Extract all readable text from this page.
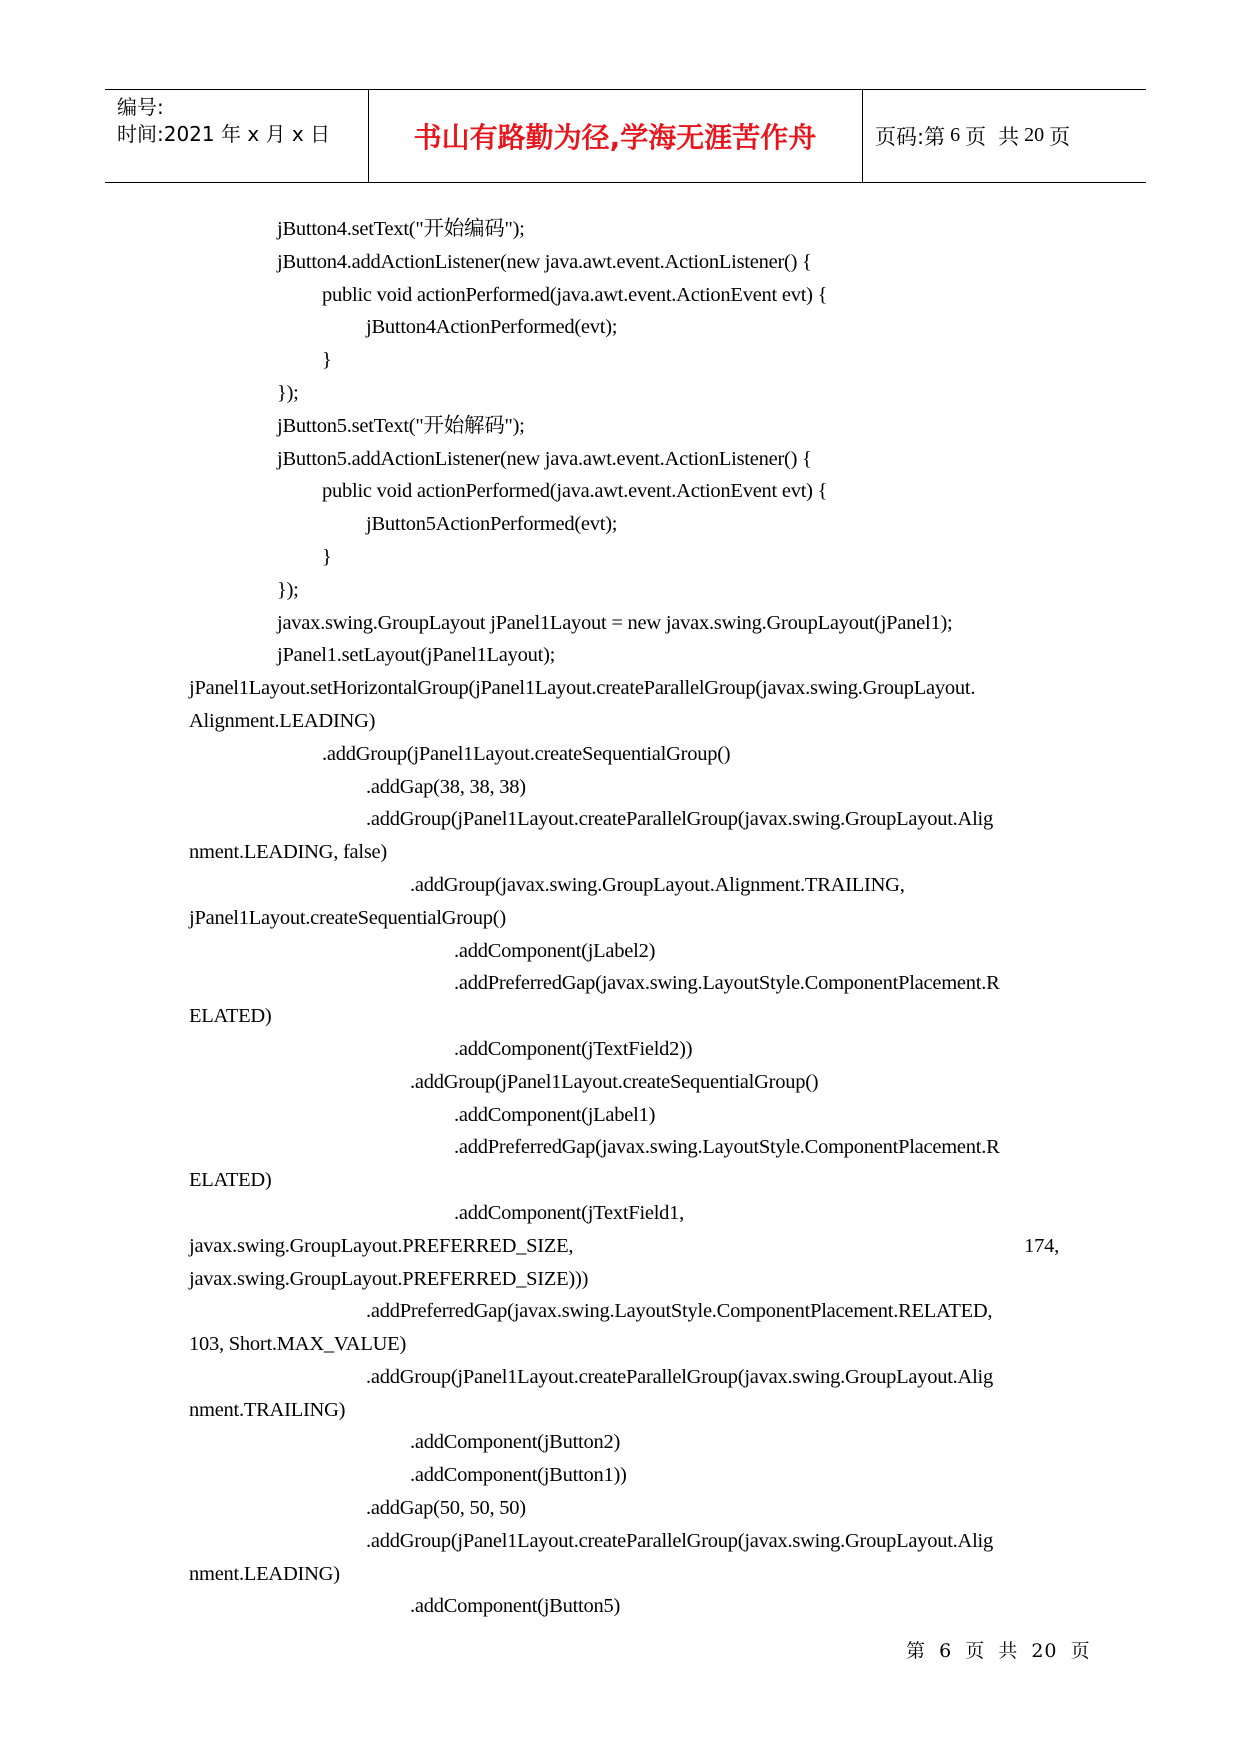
编号:
时间:2021 年 x 月 x 日	书山有路勤为径,学海无涯苦作舟	页码:第 6 页 共 20 页
jButton4.setText("开始编码");
jButton4.addActionListener(new java.awt.event.ActionListener() {
public void actionPerformed(java.awt.event.ActionEvent evt) {
jButton4ActionPerformed(evt);
}
});
jButton5.setText("开始解码");
jButton5.addActionListener(new java.awt.event.ActionListener() {
public void actionPerformed(java.awt.event.ActionEvent evt) {
jButton5ActionPerformed(evt);
}
});
javax.swing.GroupLayout jPanel1Layout = new javax.swing.GroupLayout(jPanel1);
jPanel1.setLayout(jPanel1Layout);
jPanel1Layout.setHorizontalGroup(jPanel1Layout.createParallelGroup(javax.swing.GroupLayout.
Alignment.LEADING)
.addGroup(jPanel1Layout.createSequentialGroup()
.addGap(38, 38, 38)
.addGroup(jPanel1Layout.createParallelGroup(javax.swing.GroupLayout.Alig
nment.LEADING, false)
.addGroup(javax.swing.GroupLayout.Alignment.TRAILING,
jPanel1Layout.createSequentialGroup()
.addComponent(jLabel2)
.addPreferredGap(javax.swing.LayoutStyle.ComponentPlacement.R
ELATED)
.addComponent(jTextField2))
.addGroup(jPanel1Layout.createSequentialGroup()
.addComponent(jLabel1)
.addPreferredGap(javax.swing.LayoutStyle.ComponentPlacement.R
ELATED)
.addComponent(jTextField1,
javax.swing.GroupLayout.PREFERRED_SIZE,	174,
javax.swing.GroupLayout.PREFERRED_SIZE)))
.addPreferredGap(javax.swing.LayoutStyle.ComponentPlacement.RELATED,
103, Short.MAX_VALUE)
.addGroup(jPanel1Layout.createParallelGroup(javax.swing.GroupLayout.Alig
nment.TRAILING)
.addComponent(jButton2)
.addComponent(jButton1))
.addGap(50, 50, 50)
.addGroup(jPanel1Layout.createParallelGroup(javax.swing.GroupLayout.Alig
nment.LEADING)
.addComponent(jButton5)
第 6 页 共 20 页
